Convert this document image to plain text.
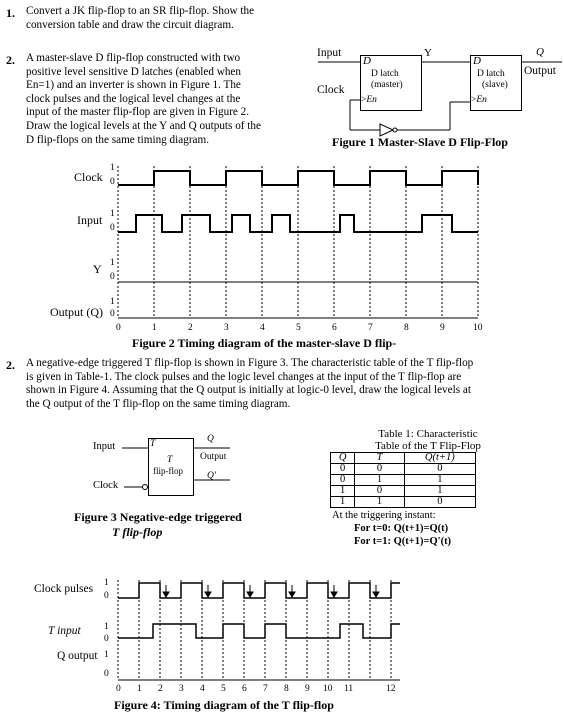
1. Convert a JK flip-flop to an SR flip-flop. Show the
conversion table and draw the circuit diagram.
2. A master-slave D flip-flop constructed with two
positive level sensitive D latches (enabled when
En=1) and an inverter is shown in Figure 1. The
clock pulses and the logical level changes at the
input of the master flip-flop are given in Figure 2.
Draw the logical levels at the Y and Q outputs of the
D flip-flops on the same timing diagram.
Input
Clock
Y	Q
Output
D
D latch
(master)
>En
D
D latch
(slave)
>En
Figure 1 Master-Slave D Flip-Flop
Clock
Input
Y
Output (Q)
1
0
1
0
1
0
1
0
0	1	2	3	4	5	6	7	8	9	10
Figure 2 Timing diagram of the master-slave D flip-
2. A negative-edge triggered T flip-flop is shown in Figure 3. The characteristic table of the T flip-flop
is given in Table-1. The clock pulses and the logic level changes at the input of the T flip-flop are
shown in Figure 4. Assuming that the Q output is initially at logic-0 level, draw the logical levels at
the Q output of the T flip-flop on the same timing diagram.
Input
Clock
T
T
flip-flop
Q
Output
Q'
Figure 3 Negative-edge triggered
T flip-flop
Table 1: Characteristic
Table of the T Flip-Flop
Q	T	Q(t+1)
0	0	0
0	1	1
1	0	1
1	1	0
At the triggering instant:
For t=0: Q(t+1)=Q(t)
For t=1: Q(t+1)=Q'(t)
Clock pulses
T input
Q output
1
0
1
0
1
0
0 1 2 3 4 5 6 7 8 9 10 11	12
Figure 4: Timing diagram of the T flip-flop
